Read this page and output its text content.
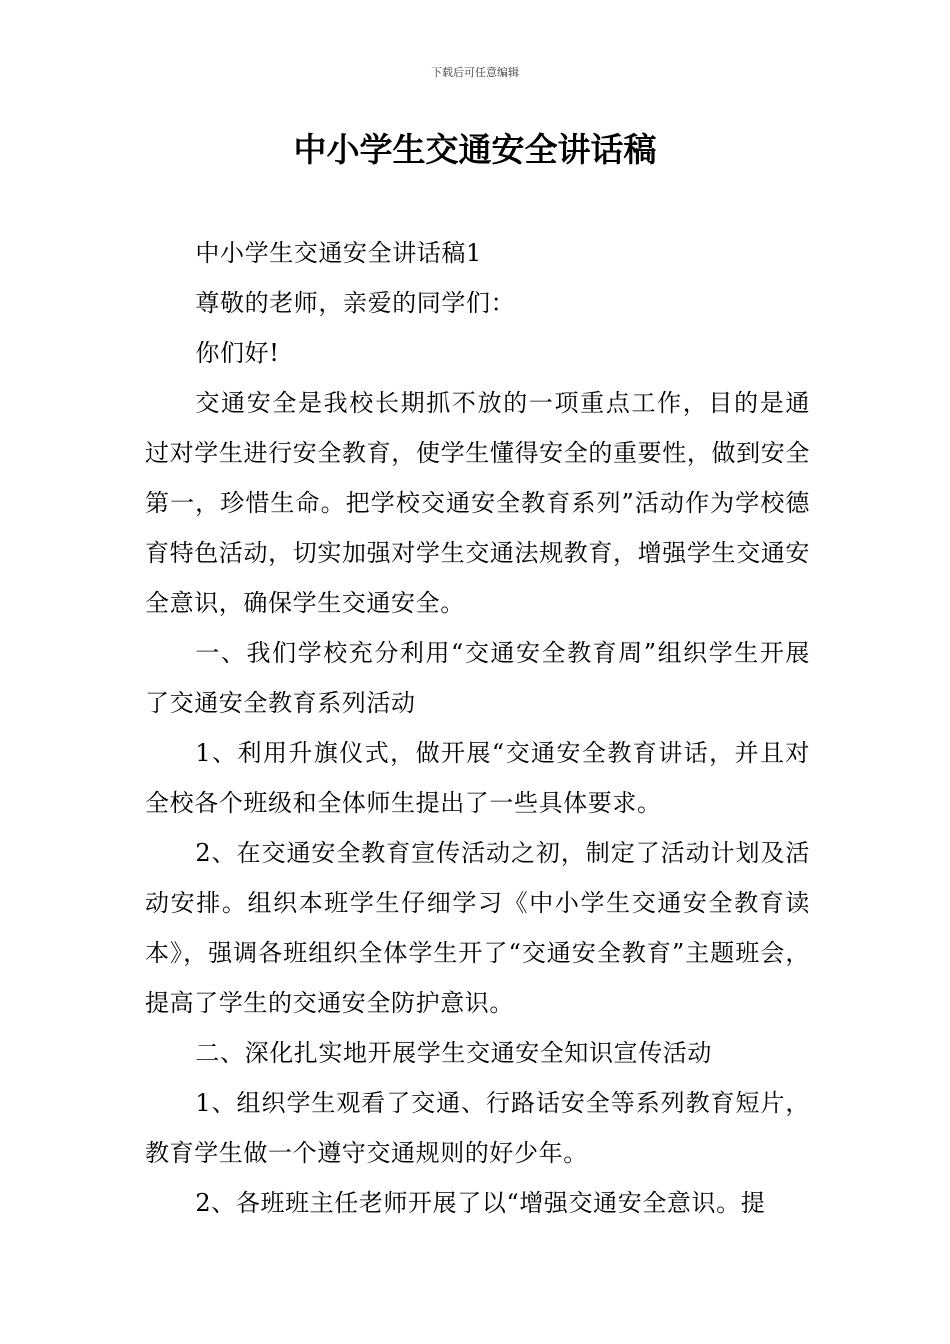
下载后可任意编辑
中小学生交通安全讲话稿

中小学生交通安全讲话稿1

尊敬的老师，亲爱的同学们：

你们好!

交通安全是我校长期抓不放的一项重点工作，目的是通过对学生进行安全教育，使学生懂得安全的重要性，做到安全第一，珍惜生命。把学校交通安全教育系列”活动作为学校德育特色活动，切实加强对学生交通法规教育，增强学生交通安全意识，确保学生交通安全。

一、我们学校充分利用“交通安全教育周”组织学生开展了交通安全教育系列活动

1、利用升旗仪式，做开展“交通安全教育讲话，并且对全校各个班级和全体师生提出了一些具体要求。

2、在交通安全教育宣传活动之初，制定了活动计划及活动安排。组织本班学生仔细学习《中小学生交通安全教育读本》，强调各班组织全体学生开了“交通安全教育”主题班会，提高了学生的交通安全防护意识。

二、深化扎实地开展学生交通安全知识宣传活动

1、组织学生观看了交通、行路话安全等系列教育短片，教育学生做一个遵守交通规则的好少年。

2、各班班主任老师开展了以“增强交通安全意识。提
